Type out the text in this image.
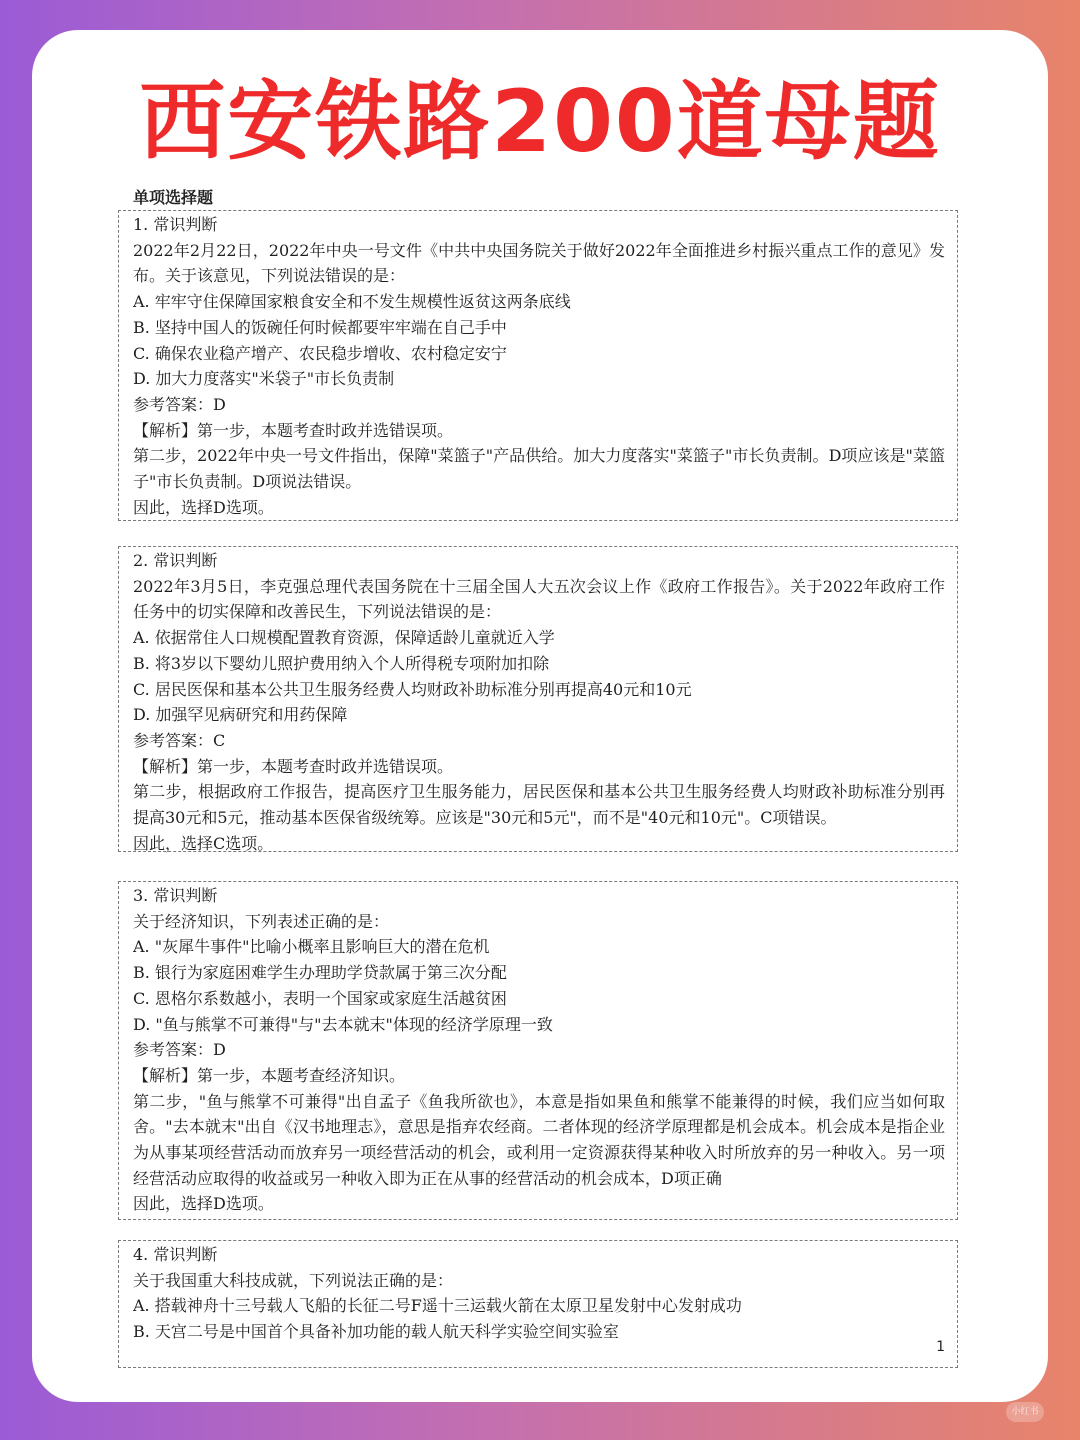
西安铁路200道母题
单项选择题
1. 常识判断
2022年2月22日，2022年中央一号文件《中共中央国务院关于做好2022年全面推进乡村振兴重点工作的意见》发布。关于该意见，下列说法错误的是：
A. 牢牢守住保障国家粮食安全和不发生规模性返贫这两条底线
B. 坚持中国人的饭碗任何时候都要牢牢端在自己手中
C. 确保农业稳产增产、农民稳步增收、农村稳定安宁
D. 加大力度落实"米袋子"市长负责制
参考答案：D
【解析】第一步，本题考查时政并选错误项。
第二步，2022年中央一号文件指出，保障"菜篮子"产品供给。加大力度落实"菜篮子"市长负责制。D项应该是"菜篮子"市长负责制。D项说法错误。
因此，选择D选项。
2. 常识判断
2022年3月5日，李克强总理代表国务院在十三届全国人大五次会议上作《政府工作报告》。关于2022年政府工作任务中的切实保障和改善民生，下列说法错误的是：
A. 依据常住人口规模配置教育资源，保障适龄儿童就近入学
B. 将3岁以下婴幼儿照护费用纳入个人所得税专项附加扣除
C. 居民医保和基本公共卫生服务经费人均财政补助标准分别再提高40元和10元
D. 加强罕见病研究和用药保障
参考答案：C
【解析】第一步，本题考查时政并选错误项。
第二步，根据政府工作报告，提高医疗卫生服务能力，居民医保和基本公共卫生服务经费人均财政补助标准分别再提高30元和5元，推动基本医保省级统筹。应该是"30元和5元"，而不是"40元和10元"。C项错误。
因此，选择C选项。
3. 常识判断
关于经济知识，下列表述正确的是：
A. "灰犀牛事件"比喻小概率且影响巨大的潜在危机
B. 银行为家庭困难学生办理助学贷款属于第三次分配
C. 恩格尔系数越小，表明一个国家或家庭生活越贫困
D. "鱼与熊掌不可兼得"与"去本就末"体现的经济学原理一致
参考答案：D
【解析】第一步，本题考查经济知识。
第二步，"鱼与熊掌不可兼得"出自孟子《鱼我所欲也》，本意是指如果鱼和熊掌不能兼得的时候，我们应当如何取舍。"去本就末"出自《汉书地理志》，意思是指弃农经商。二者体现的经济学原理都是机会成本。机会成本是指企业为从事某项经营活动而放弃另一项经营活动的机会，或利用一定资源获得某种收入时所放弃的另一种收入。另一项经营活动应取得的收益或另一种收入即为正在从事的经营活动的机会成本，D项正确
因此，选择D选项。
4. 常识判断
关于我国重大科技成就，下列说法正确的是：
A. 搭载神舟十三号载人飞船的长征二号F遥十三运载火箭在太原卫星发射中心发射成功
B. 天宫二号是中国首个具备补加功能的载人航天科学实验空间实验室
1
小红书
